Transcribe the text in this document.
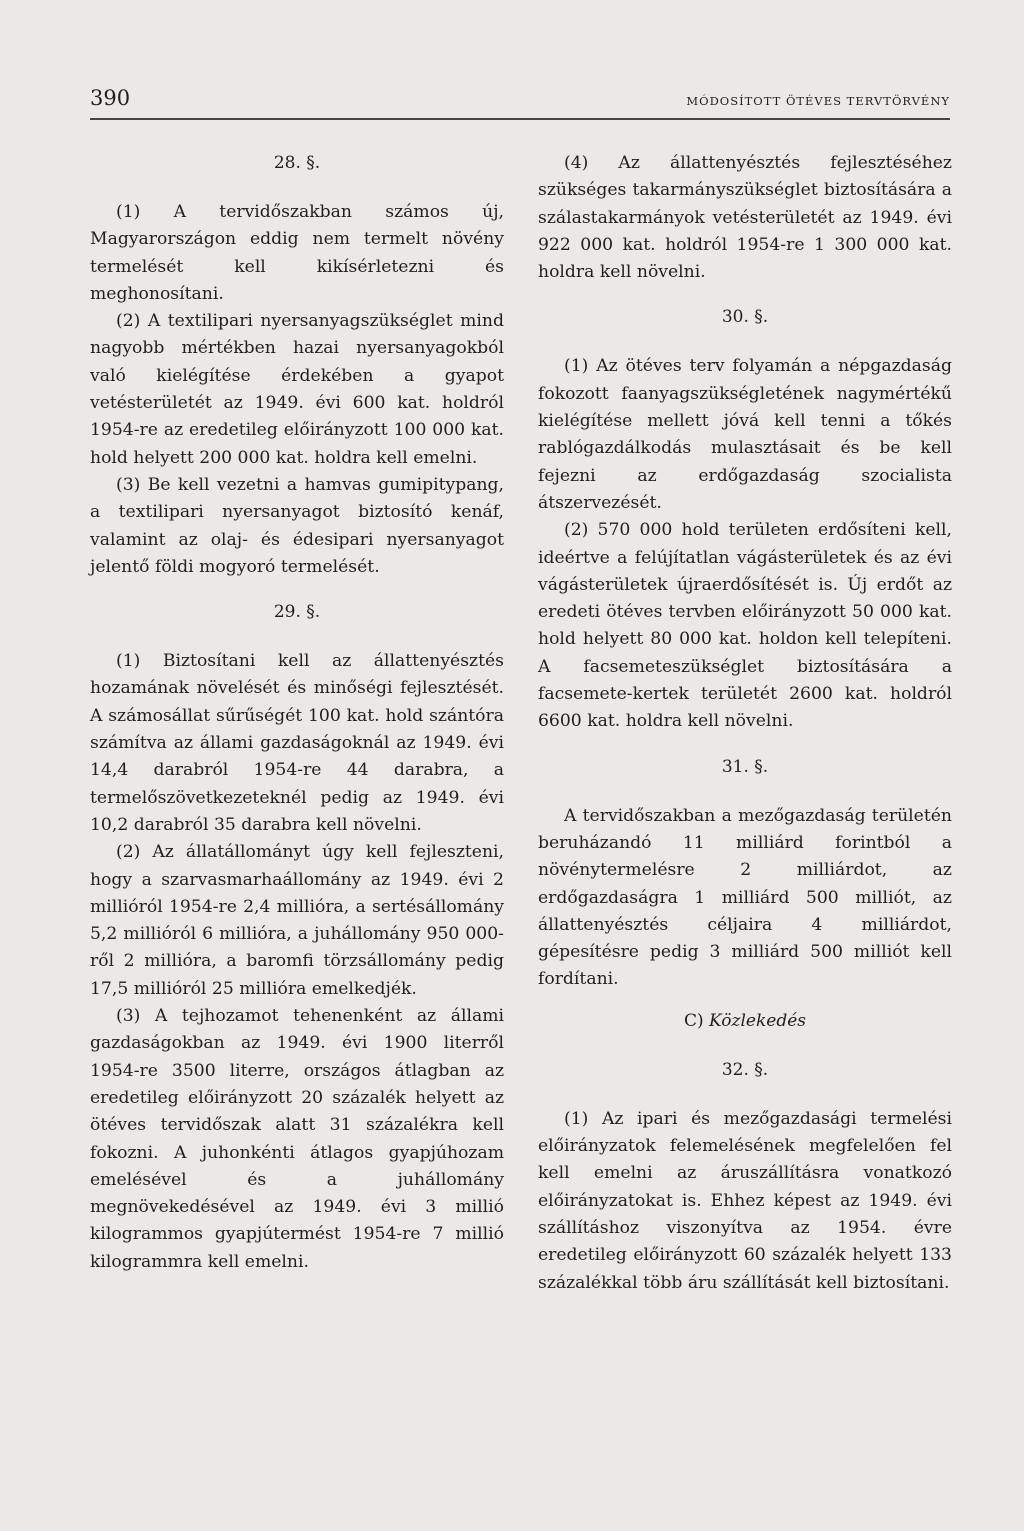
390	MÓDOSÍTOTT ÖTÉVES TERVTÖRVÉNY
28. §.

(1) A tervidőszakban számos új, Magyarországon eddig nem termelt növény termelését kell kikísérletezni és meghonosítani.

(2) A textilipari nyersanyagszükséglet mind nagyobb mértékben hazai nyersanyagokból való kielégítése érdekében a gyapot vetésterületét az 1949. évi 600 kat. holdról 1954-re az eredetileg előirányzott 100 000 kat. hold helyett 200 000 kat. holdra kell emelni.

(3) Be kell vezetni a hamvas gumipitypang, a textilipari nyersanyagot biztosító kenáf, valamint az olaj- és édesipari nyersanyagot jelentő földi mogyoró termelését.

29. §.

(1) Biztosítani kell az állattenyésztés hozamának növelését és minőségi fejlesztését. A számosállat sűrűségét 100 kat. hold szántóra számítva az állami gazdaságoknál az 1949. évi 14,4 darabról 1954-re 44 darabra, a termelőszövetkezeteknél pedig az 1949. évi 10,2 darabról 35 darabra kell növelni.

(2) Az állatállományt úgy kell fejleszteni, hogy a szarvasmarhaállomány az 1949. évi 2 millióról 1954-re 2,4 millióra, a sertésállomány 5,2 millióról 6 millióra, a juhállomány 950 000-ről 2 millióra, a baromfi törzsállomány pedig 17,5 millióról 25 millióra emelkedjék.

(3) A tejhozamot tehenenként az állami gazdaságokban az 1949. évi 1900 literről 1954-re 3500 literre, országos átlagban az eredetileg előirányzott 20 százalék helyett az ötéves tervidőszak alatt 31 százalékra kell fokozni. A juhonkénti átlagos gyapjúhozam emelésével és a juhállomány megnövekedésével az 1949. évi 3 millió kilogrammos gyapjútermést 1954-re 7 millió kilogrammra kell emelni.

(4) Az állattenyésztés fejlesztéséhez szükséges takarmányszükséglet biztosítására a szálastakarmányok vetésterületét az 1949. évi 922 000 kat. holdról 1954-re 1 300 000 kat. holdra kell növelni.

30. §.

(1) Az ötéves terv folyamán a népgazdaság fokozott faanyagszükségletének nagymértékű kielégítése mellett jóvá kell tenni a tőkés rablógazdálkodás mulasztásait és be kell fejezni az erdőgazdaság szocialista átszervezését.

(2) 570 000 hold területen erdősíteni kell, ideértve a felújítatlan vágásterületek és az évi vágásterületek újraerdősítését is. Új erdőt az eredeti ötéves tervben előirányzott 50 000 kat. hold helyett 80 000 kat. holdon kell telepíteni. A facsemeteszükséglet biztosítására a facsemete-kertek területét 2600 kat. holdról 6600 kat. holdra kell növelni.

31. §.

A tervidőszakban a mezőgazdaság területén beruházandó 11 milliárd forintból a növénytermelésre 2 milliárdot, az erdőgazdaságra 1 milliárd 500 milliót, az állattenyésztés céljaira 4 milliárdot, gépesítésre pedig 3 milliárd 500 milliót kell fordítani.

C) Közlekedés
32. §.

(1) Az ipari és mezőgazdasági termelési előirányzatok felemelésének megfelelően fel kell emelni az áruszállításra vonatkozó előirányzatokat is. Ehhez képest az 1949. évi szállításhoz viszonyítva az 1954. évre eredetileg előirányzott 60 százalék helyett 133 százalékkal több áru szállítását kell biztosítani.
